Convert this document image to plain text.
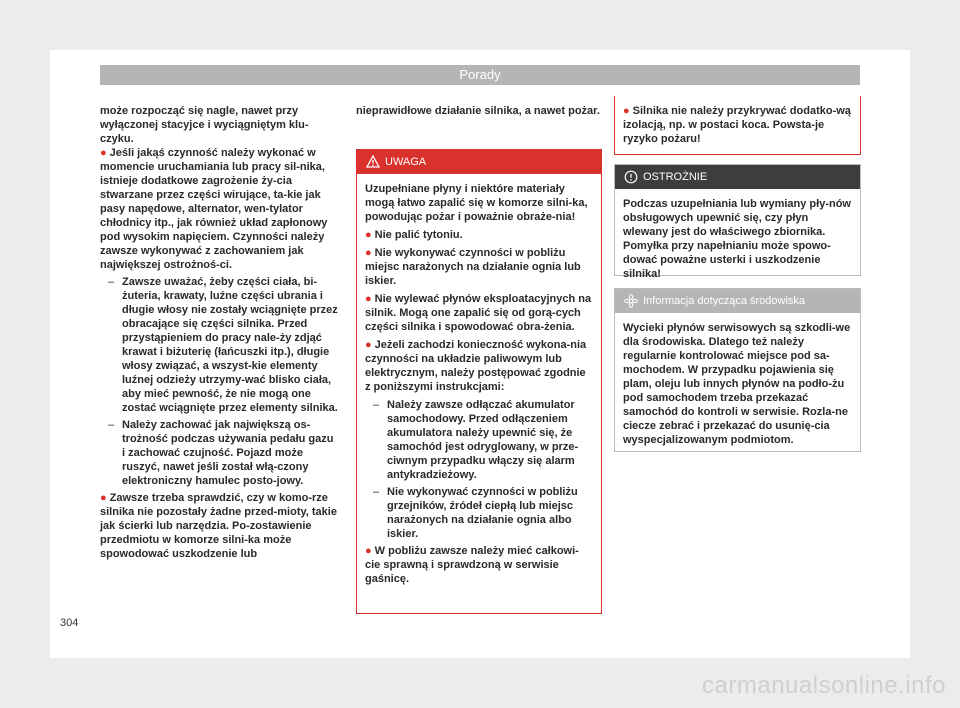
Porady

może rozpocząć się nagle, nawet przy wyłączonej stacyjce i wyciągniętym klu-czyku.

● Jeśli jakąś czynność należy wykonać w momencie uruchamiania lub pracy sil-nika, istnieje dodatkowe zagrożenie ży-cia stwarzane przez części wirujące, ta-kie jak pasy napędowe, alternator, wen-tylator chłodnicy itp., jak również układ zapłonowy pod wysokim napięciem. Czynności należy zawsze wykonywać z zachowaniem jak największej ostrożnoś-ci.

– Zawsze uważać, żeby części ciała, bi-żuteria, krawaty, luźne części ubrania i długie włosy nie zostały wciągnięte przez obracające się części silnika. Przed przystąpieniem do pracy nale-ży zdjąć krawat i biżuterię (łańcuszki itp.), długie włosy związać, a wszyst-kie elementy luźnej odzieży utrzymy-wać blisko ciała, aby mieć pewność, że nie mogą one zostać wciągnięte przez elementy silnika.
– Należy zachować jak największą os-trożność podczas używania pedału gazu i zachować czujność. Pojazd może ruszyć, nawet jeśli został włą-czony elektroniczny hamulec posto-jowy.

● Zawsze trzeba sprawdzić, czy w komo-rze silnika nie pozostały żadne przed-mioty, takie jak ścierki lub narzędzia. Po-zostawienie przedmiotu w komorze silni-ka może spowodować uszkodzenie lub

nieprawidłowe działanie silnika, a nawet pożar.

UWAGA

Uzupełniane płyny i niektóre materiały mogą łatwo zapalić się w komorze silni-ka, powodując pożar i poważnie obraże-nia!

● Nie palić tytoniu.

● Nie wykonywać czynności w pobliżu miejsc narażonych na działanie ognia lub iskier.

● Nie wylewać płynów eksploatacyjnych na silnik. Mogą one zapalić się od gorą-cych części silnika i spowodować obra-żenia.

● Jeżeli zachodzi konieczność wykona-nia czynności na układzie paliwowym lub elektrycznym, należy postępować zgodnie z poniższymi instrukcjami:

– Należy zawsze odłączać akumulator samochodowy. Przed odłączeniem akumulatora należy upewnić się, że samochód jest odryglowany, w prze-ciwnym przypadku włączy się alarm antykradzieżowy.
– Nie wykonywać czynności w pobliżu grzejników, źródeł ciepłą lub miejsc narażonych na działanie ognia albo iskier.

● W pobliżu zawsze należy mieć całkowi-cie sprawną i sprawdzoną w serwisie gaśnicę.

● Silnika nie należy przykrywać dodatko-wą izolacją, np. w postaci koca. Powsta-je ryzyko pożaru!

OSTROŻNIE

Podczas uzupełniania lub wymiany pły-nów obsługowych upewnić się, czy płyn wlewany jest do właściwego zbiornika. Pomyłka przy napełnianiu może spowo-dować poważne usterki i uszkodzenie silnika!

Informacja dotycząca środowiska

Wycieki płynów serwisowych są szkodli-we dla środowiska. Dlatego też należy regularnie kontrolować miejsce pod sa-mochodem. W przypadku pojawienia się plam, oleju lub innych płynów na podło-żu pod samochodem trzeba przekazać samochód do kontroli w serwisie. Rozla-ne ciecze zebrać i przekazać do usunię-cia wyspecjalizowanym podmiotom.

304
carmanualsonline.info
